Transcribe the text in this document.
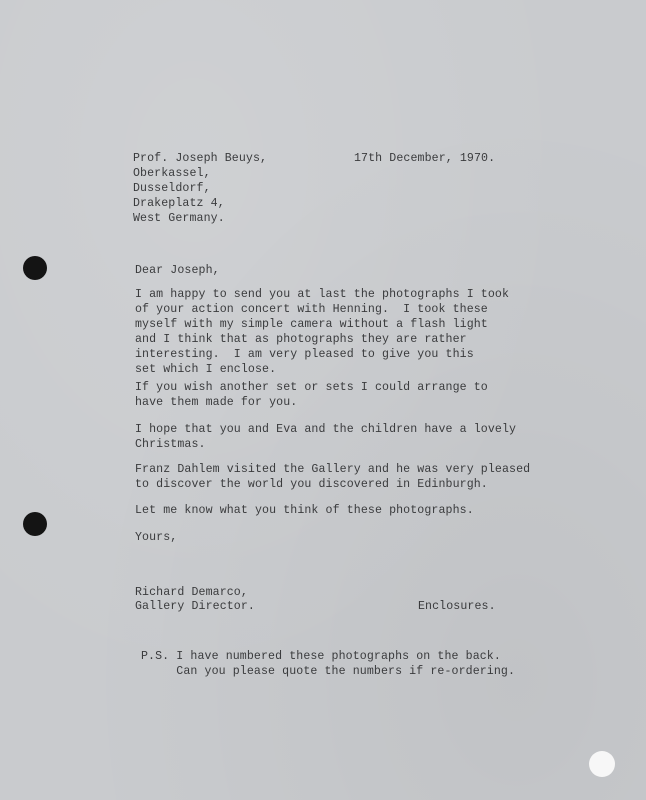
Prof. Joseph Beuys,
Oberkassel,
Dusseldorf,
Drakeplatz 4,
West Germany.
17th December, 1970.
Dear Joseph,
I am happy to send you at last the photographs I took
of your action concert with Henning.  I took these
myself with my simple camera without a flash light
and I think that as photographs they are rather
interesting.  I am very pleased to give you this
set which I enclose.
If you wish another set or sets I could arrange to
have them made for you.
I hope that you and Eva and the children have a lovely
Christmas.
Franz Dahlem visited the Gallery and he was very pleased
to discover the world you discovered in Edinburgh.
Let me know what you think of these photographs.
Yours,
Richard Demarco,
Gallery Director.	Enclosures.
P.S. I have numbered these photographs on the back.
Can you please quote the numbers if re-ordering.
